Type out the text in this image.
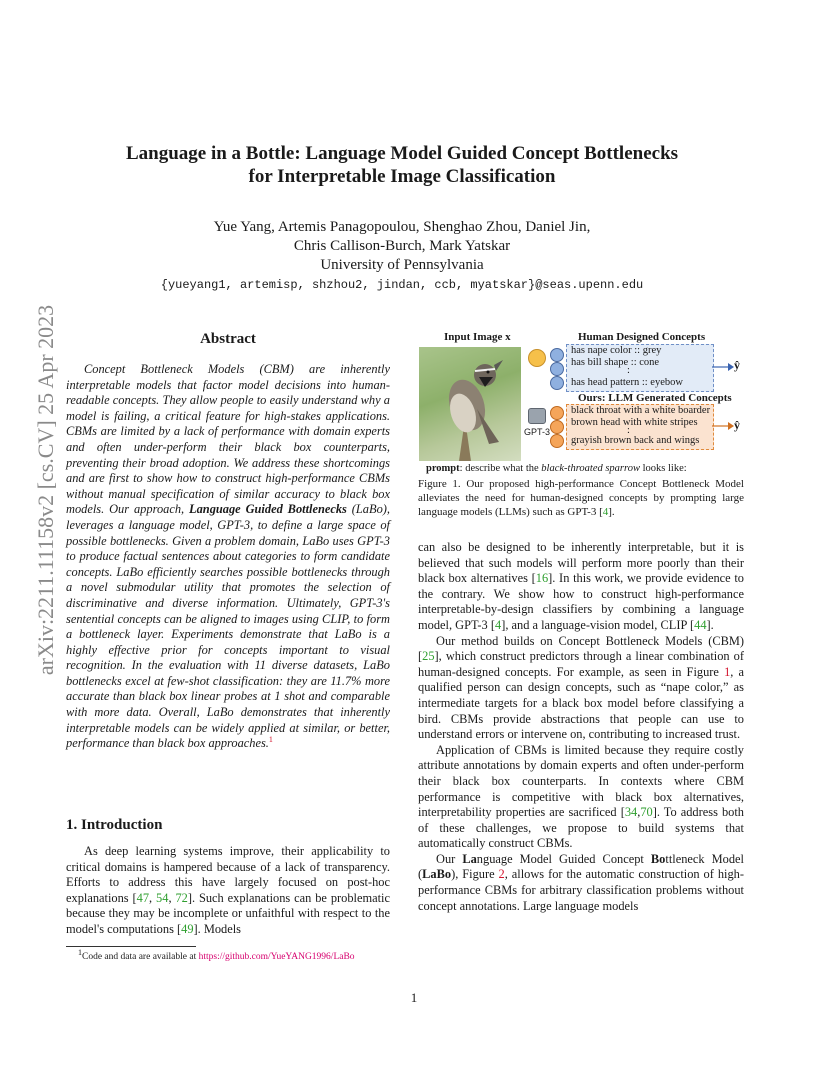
arXiv:2211.11158v2 [cs.CV] 25 Apr 2023
Language in a Bottle: Language Model Guided Concept Bottlenecks
for Interpretable Image Classification
Yue Yang, Artemis Panagopoulou, Shenghao Zhou, Daniel Jin,
Chris Callison-Burch, Mark Yatskar
University of Pennsylvania
{yueyang1, artemisp, shzhou2, jindan, ccb, myatskar}@seas.upenn.edu
Abstract
Concept Bottleneck Models (CBM) are inherently interpretable models that factor model decisions into human-readable concepts. They allow people to easily understand why a model is failing, a critical feature for high-stakes applications. CBMs are limited by a lack of performance with domain experts and often under-perform their black box counterparts, preventing their broad adoption. We address these shortcomings and are first to show how to construct high-performance CBMs without manual specification of similar accuracy to black box models. Our approach, Language Guided Bottlenecks (LaBo), leverages a language model, GPT-3, to define a large space of possible bottlenecks. Given a problem domain, LaBo uses GPT-3 to produce factual sentences about categories to form candidate concepts. LaBo efficiently searches possible bottlenecks through a novel submodular utility that promotes the selection of discriminative and diverse information. Ultimately, GPT-3's sentential concepts can be aligned to images using CLIP, to form a bottleneck layer. Experiments demonstrate that LaBo is a highly effective prior for concepts important to visual recognition. In the evaluation with 11 diverse datasets, LaBo bottlenecks excel at few-shot classification: they are 11.7% more accurate than black box linear probes at 1 shot and comparable with more data. Overall, LaBo demonstrates that inherently interpretable models can be widely applied at similar, or better, performance than black box approaches.$^1$
1. Introduction
As deep learning systems improve, their applicability to critical domains is hampered because of a lack of transparency. Efforts to address this have largely focused on post-hoc explanations [47, 54, 72]. Such explanations can be problematic because they may be incomplete or unfaithful with respect to the model's computations [49]. Models
$^1$Code and data are available at https://github.com/YueYANG1996/LaBo
1
Input Image x
GPT-3
Human Designed Concepts
has nape color :: grey
has bill shape :: cone
:
has head pattern :: eyebow
Ours: LLM Generated Concepts
black throat with a white boarder
brown head with white stripes
:
grayish brown back and wings
ŷ
ŷ
prompt: describe what the black-throated sparrow looks like:
Figure 1. Our proposed high-performance Concept Bottleneck Model alleviates the need for human-designed concepts by prompting large language models (LLMs) such as GPT-3 [4].

can also be designed to be inherently interpretable, but it is believed that such models will perform more poorly than their black box alternatives [16]. In this work, we provide evidence to the contrary. We show how to construct high-performance interpretable-by-design classifiers by combining a language model, GPT-3 [4], and a language-vision model, CLIP [44].

Our method builds on Concept Bottleneck Models (CBM) [25], which construct predictors through a linear combination of human-designed concepts. For example, as seen in Figure 1, a qualified person can design concepts, such as “nape color,” as intermediate targets for a black box model before classifying a bird. CBMs provide abstractions that people can use to understand errors or intervene on, contributing to increased trust.

Application of CBMs is limited because they require costly attribute annotations by domain experts and often under-perform their black box counterparts. In contexts where CBM performance is competitive with black box alternatives, interpretability properties are sacrificed [34,70]. To address both of these challenges, we propose to build systems that automatically construct CBMs.

Our Language Model Guided Concept Bottleneck Model (LaBo), Figure 2, allows for the automatic construction of high-performance CBMs for arbitrary classification problems without concept annotations. Large language models
